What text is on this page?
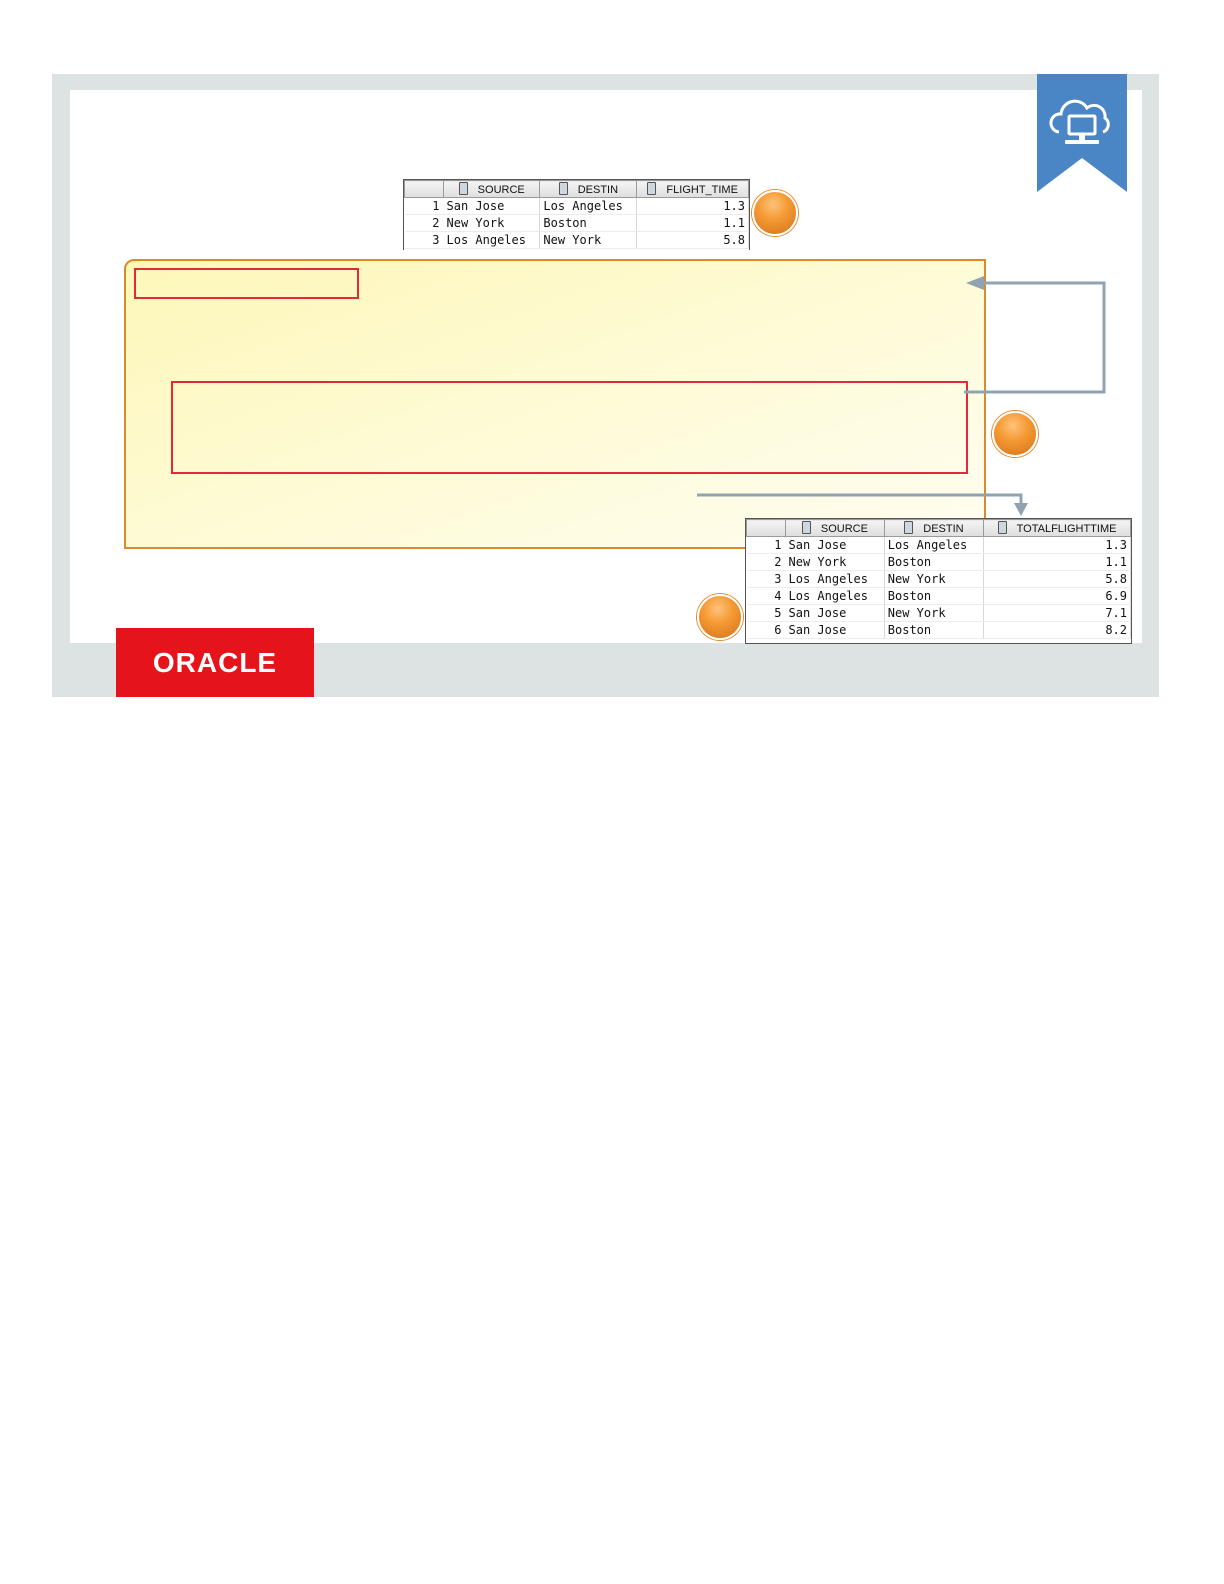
	SOURCE	DESTIN	FLIGHT_TIME
1	San Jose	Los Angeles	1.3
2	New York	Boston	1.1
3	Los Angeles	New York	5.8
	SOURCE	DESTIN	TOTALFLIGHTTIME
1	San Jose	Los Angeles	1.3
2	New York	Boston	1.1
3	Los Angeles	New York	5.8
4	Los Angeles	Boston	6.9
5	San Jose	New York	7.1
6	San Jose	Boston	8.2
ORACLE
